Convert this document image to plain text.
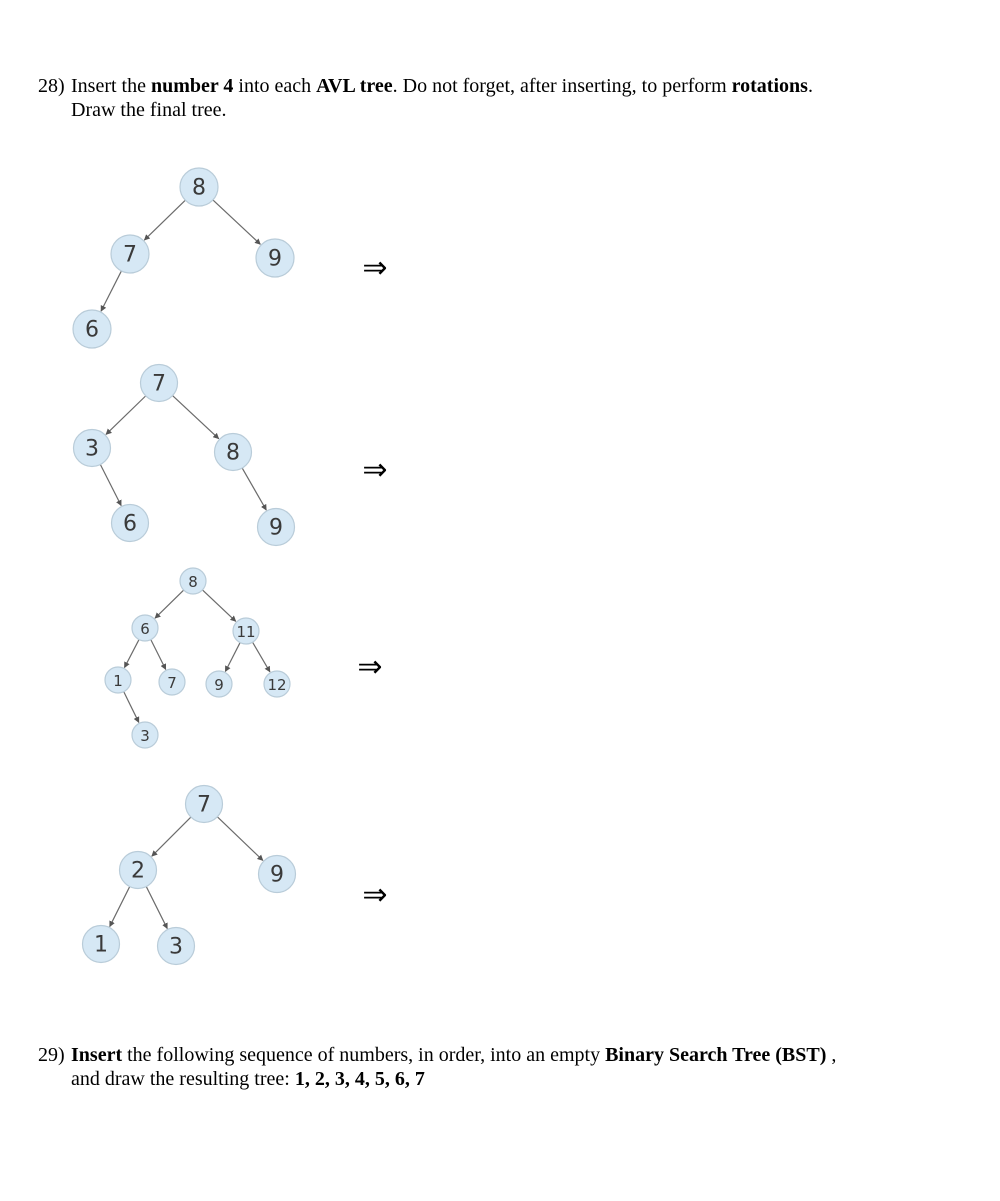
28) Insert the number 4 into each AVL tree. Do not forget, after inserting, to perform rotations.
Draw the final tree.
8
7	9
6
⇒
7
3	8
6	9
⇒
8
6	11
1	7 9	12
3
⇒
7
2	9
1	3
⇒
29) Insert the following sequence of numbers, in order, into an empty Binary Search Tree (BST) ,
and draw the resulting tree: 1, 2, 3, 4, 5, 6, 7
